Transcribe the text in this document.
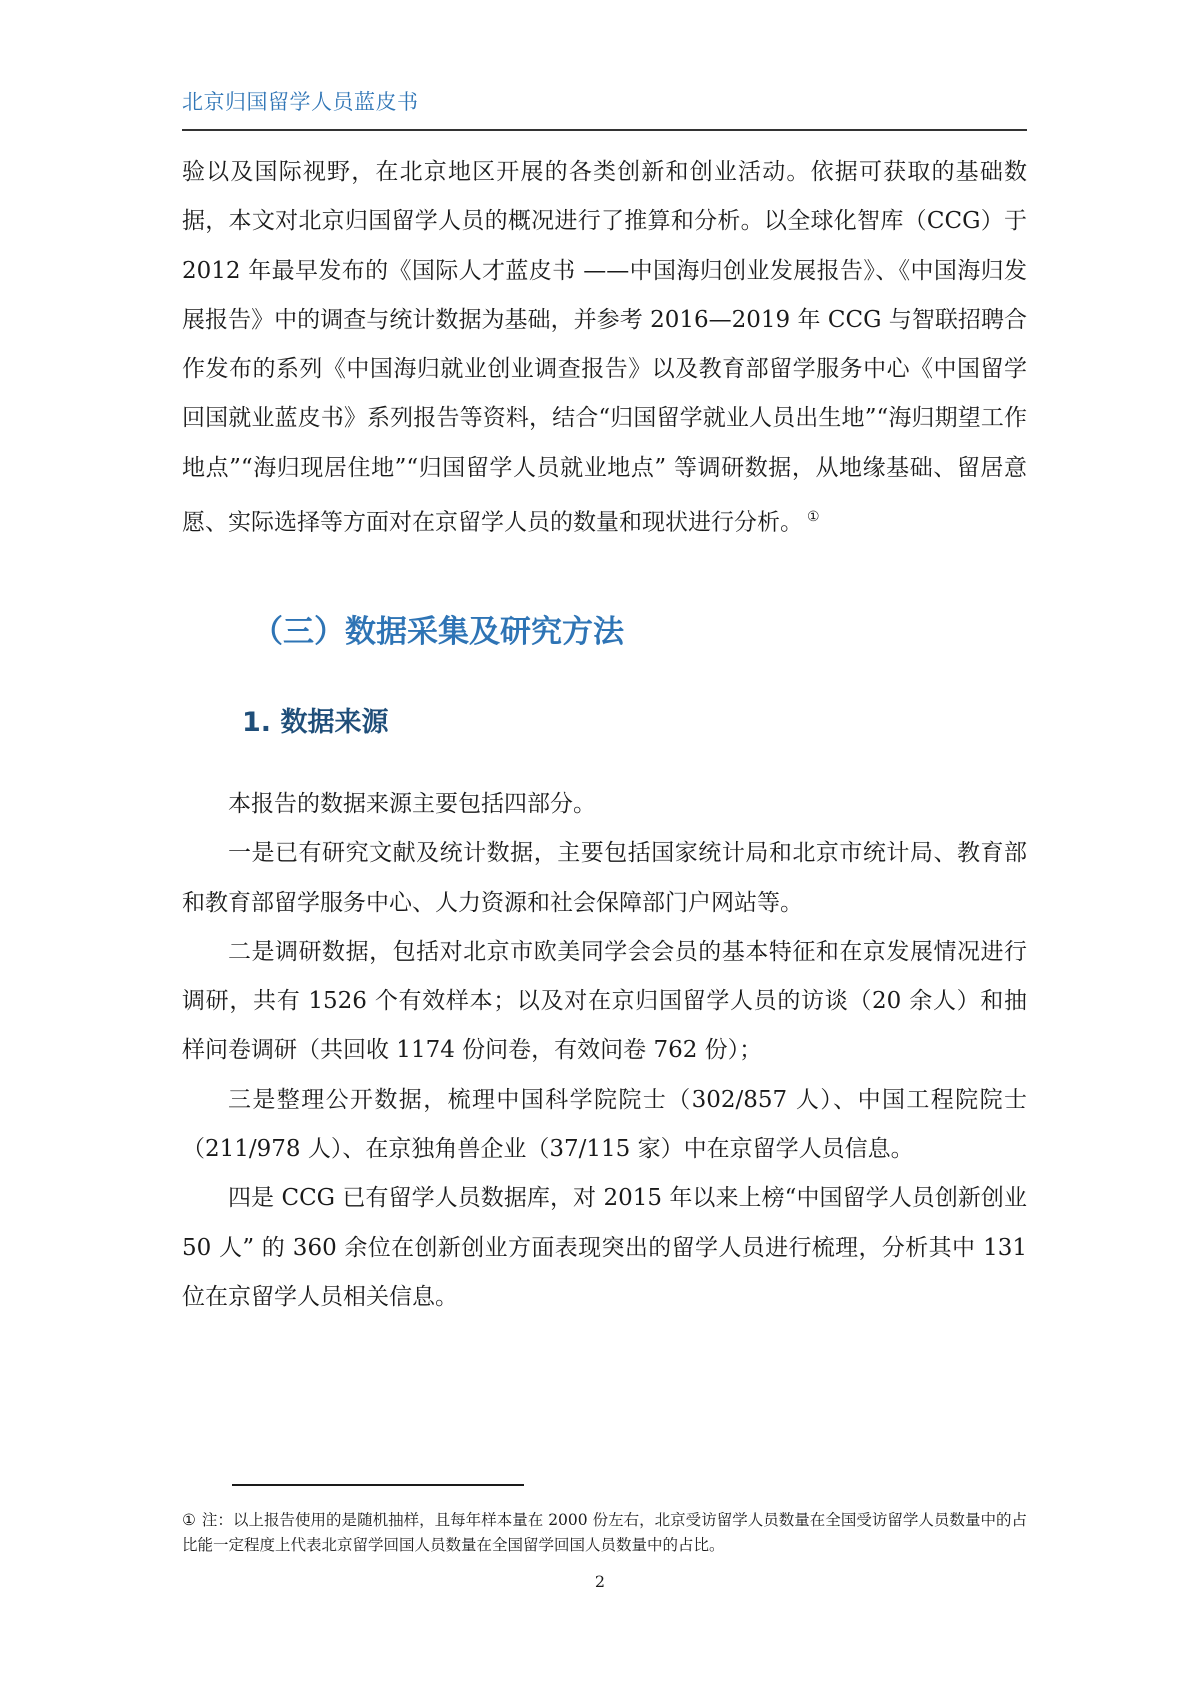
北京归国留学人员蓝皮书

验以及国际视野，在北京地区开展的各类创新和创业活动。依据可获取的基础数据，本文对北京归国留学人员的概况进行了推算和分析。以全球化智库（CCG）于 2012 年最早发布的《国际人才蓝皮书 ——中国海归创业发展报告》、《中国海归发展报告》中的调查与统计数据为基础，并参考 2016—2019 年 CCG 与智联招聘合作发布的系列《中国海归就业创业调查报告》以及教育部留学服务中心《中国留学回国就业蓝皮书》系列报告等资料，结合“归国留学就业人员出生地”“海归期望工作地点”“海归现居住地”“归国留学人员就业地点” 等调研数据，从地缘基础、留居意愿、实际选择等方面对在京留学人员的数量和现状进行分析。 ①

（三）数据采集及研究方法
1. 数据来源

本报告的数据来源主要包括四部分。

一是已有研究文献及统计数据，主要包括国家统计局和北京市统计局、教育部和教育部留学服务中心、人力资源和社会保障部门户网站等。

二是调研数据，包括对北京市欧美同学会会员的基本特征和在京发展情况进行调研，共有 1526 个有效样本；以及对在京归国留学人员的访谈（20 余人）和抽样问卷调研（共回收 1174 份问卷，有效问卷 762 份）；

三是整理公开数据，梳理中国科学院院士（302/857 人）、中国工程院院士（211/978 人）、在京独角兽企业（37/115 家）中在京留学人员信息。

四是 CCG 已有留学人员数据库，对 2015 年以来上榜“中国留学人员创新创业 50 人” 的 360 余位在创新创业方面表现突出的留学人员进行梳理，分析其中 131 位在京留学人员相关信息。

① 注：以上报告使用的是随机抽样，且每年样本量在 2000 份左右，北京受访留学人员数量在全国受访留学人员数量中的占比能一定程度上代表北京留学回国人员数量在全国留学回国人员数量中的占比。
2
